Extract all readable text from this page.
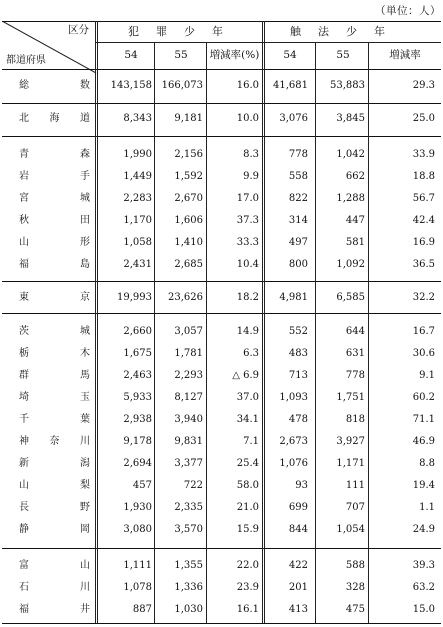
（単位：人）
区分
都道府県
犯罪少年	触法少年
54	55	増減率(%)	54	55	増減率
総	数	143,158 166,073	16.0	41,681	53,883	29.3
北 海 道	8,343	9,181	10.0	3,076	3,845	25.0
青	森	1,990	2,156	8.3	778	1,042	33.9
岩	手	1,449	1,592	9.9	558	662	18.8
宮	城	2,283	2,670	17.0	822	1,288	56.7
秋	田	1,170	1,606	37.3	314	447	42.4
山	形	1,058	1,410	33.3	497	581	16.9
福	島	2,431	2,685	10.4	800	1,092	36.5
東	京	19,993	23,626	18.2	4,981	6,585	32.2
茨	城	2,660	3,057	14.9	552	644	16.7
栃	木	1,675	1,781	6.3	483	631	30.6
群	馬	2,463	2,293	△ 6.9	713	778	9.1
埼	玉	5,933	8,127	37.0	1,093	1,751	60.2
千	葉	2,938	3,940	34.1	478	818	71.1
神 奈 川	9,178	9,831	7.1	2,673	3,927	46.9
新	潟	2,694	3,377	25.4	1,076	1,171	8.8
山	梨	457	722	58.0	93	111	19.4
長	野	1,930	2,335	21.0	699	707	1.1
静	岡	3,080	3,570	15.9	844	1,054	24.9
富	山	1,111	1,355	22.0	422	588	39.3
石	川	1,078	1,336	23.9	201	328	63.2
福	井	887	1,030	16.1	413	475	15.0
